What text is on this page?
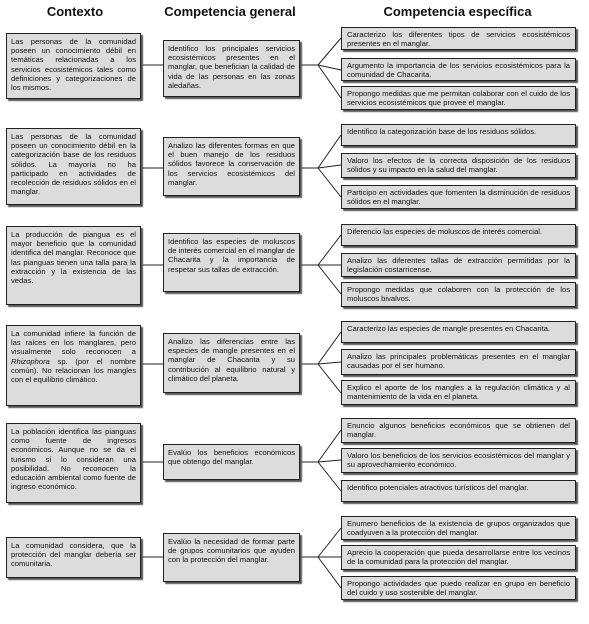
Contexto	Competencia general	Competencia específica
Las personas de la comunidad poseen un conocimiento débil en temáticas relacionadas a los servicios ecosistémicos tales como definiciones y categorizaciones de los mismos.
Identifico los principales servicios ecosistémicos presentes en el manglar, que benefician la calidad de vida de las personas en las zonas aledañas.
Caracterizo los diferentes tipos de servicios ecosistémicos presentes en el manglar.
Argumento la importancia de los servicios ecosistémicos para la comunidad de Chacarita.
Propongo medidas que me permitan colaborar con el cuido de los servicios ecosistémicos que provee el manglar.
Las personas de la comunidad poseen un conocimiento débil en la categorización base de los residuos sólidos. La mayoría no ha participado en actividades de recolección de residuos sólidos en el manglar.
Analizo las diferentes formas en que el buen manejo de los residuos sólidos favorece la conservación de los servicios ecosistémicos del manglar.
Identifico la categorización base de los residuos sólidos.
Valoro los efectos de la correcta disposición de los residuos sólidos y su impacto en la salud del manglar.
Participo en actividades que fomenten la disminución de residuos sólidos en el manglar.
La producción de piangua es el mayor beneficio que la comunidad identifica del manglar. Reconoce que las pianguas tienen una talla para la extracción y la existencia de las vedas.
Identifico las especies de moluscos de interés comercial en el manglar de Chacarita y la importancia de respetar sus tallas de extracción.
Diferencio las especies de moluscos de interés comercial.
Analizo las diferentes tallas de extracción permitidas por la legislación costarricense.
Propongo medidas que colaboren con la protección de los moluscos bivalvos.
La comunidad infiere la función de las raíces en los manglares, pero visualmente solo reconocen a Rhizophora sp. (por el nombre común). No relacionan los mangles con el equilibrio climático.
Analizo las diferencias entre las especies de mangle presentes en el manglar de Chacarita y su contribución al equilibrio natural y climático del planeta.
Caracterizo las especies de mangle presentes en Chacarita.
Analizo las principales problemáticas presentes en el manglar causadas por el ser humano.
Explico el aporte de los mangles a la regulación climática y al mantenimiento de la vida en el planeta.
La población identifica las pianguas como fuente de ingresos económicos. Aunque no se da el turismo sí lo consideran una posibilidad. No reconocen la educación ambiental como fuente de ingreso económico.
Evalúo los beneficios económicos que obtengo del manglar.
Enuncio algunos beneficios económicos que se obtienen del manglar.
Valoro los beneficios de los servicios ecosistémicos del manglar y su aprovechamiento económico.
Identifico potenciales atractivos turísticos del manglar.
La comunidad considera, que la protección del manglar debería ser comunitaria.
Evalúo la necesidad de formar parte de grupos comunitarios que ayuden con la protección del manglar.
Enumero beneficios de la existencia de grupos organizados que coadyuven a la protección del manglar.
Aprecio la cooperación que pueda desarrollarse entre los vecinos de la comunidad para la protección del manglar.
Propongo actividades que puedo realizar en grupo en beneficio del cuido y uso sostenible del manglar.
